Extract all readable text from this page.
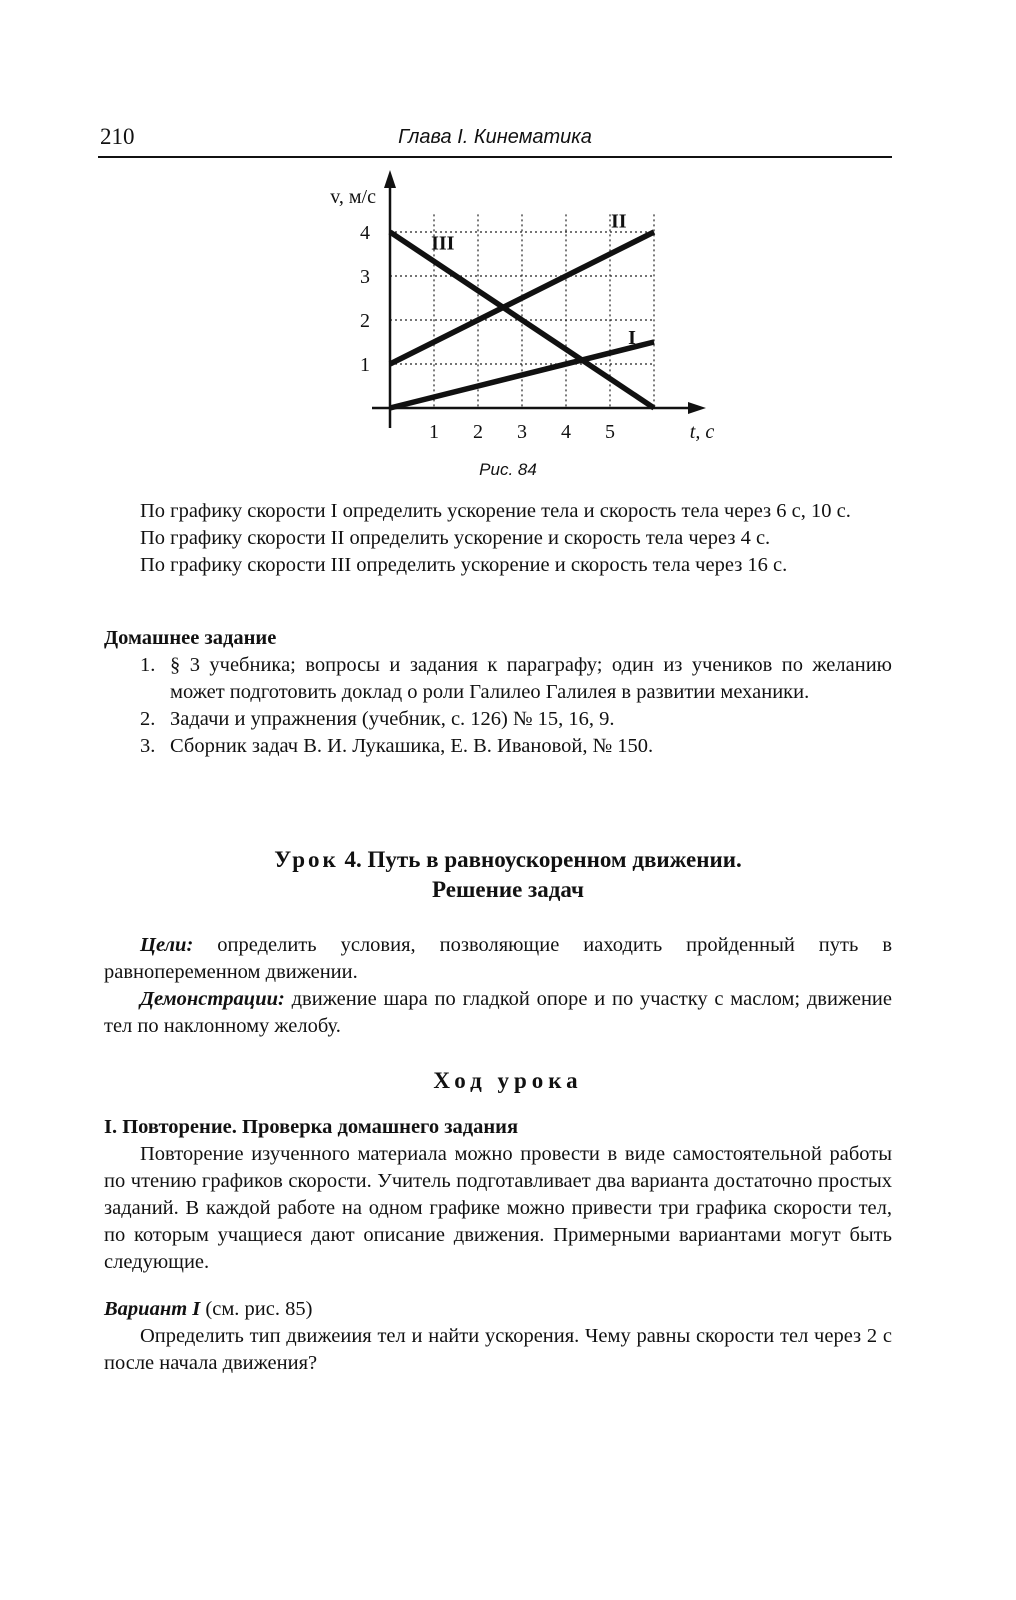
210	Глава I. Кинематика
1 2 3 4 5
1
2
3
4
v, м/с
t, с
I
II
III
Рис. 84

По графику скорости I определить ускорение тела и скорость тела через 6 с, 10 с.

По графику скорости II определить ускорение и скорость тела через 4 с.

По графику скорости III определить ускорение и скорость тела через 16 с.

Домашнее задание
1. § 3 учебника; вопросы и задания к параграфу; один из учеников по желанию может подготовить доклад о роли Галилео Галилея в развитии механики.
2. Задачи и упражнения (учебник, с. 126) № 15, 16, 9.
3. Сборник задач В. И. Лукашика, Е. В. Ивановой, № 150.
Урок 4. Путь в равноускоренном движении.
Решение задач

Цели: определить условия, позволяющие иаходить пройденный путь в равнопеременном движении.

Демонстрации: движение шара по гладкой опоре и по участку с маслом; движение тел по наклонному желобу.

Ход урока
I. Повторение. Проверка домашнего задания

Повторение изученного материала можно провести в виде самостоятельной работы по чтению графиков скорости. Учитель подготавливает два варианта достаточно простых заданий. В каждой работе на одном графике можно привести три графика скорости тел, по которым учащиеся дают описание движения. Примерными вариантами могут быть следующие.

Вариант I (см. рис. 85)

Определить тип движеиия тел и найти ускорения. Чему равны скорости тел через 2 с после начала движения?
